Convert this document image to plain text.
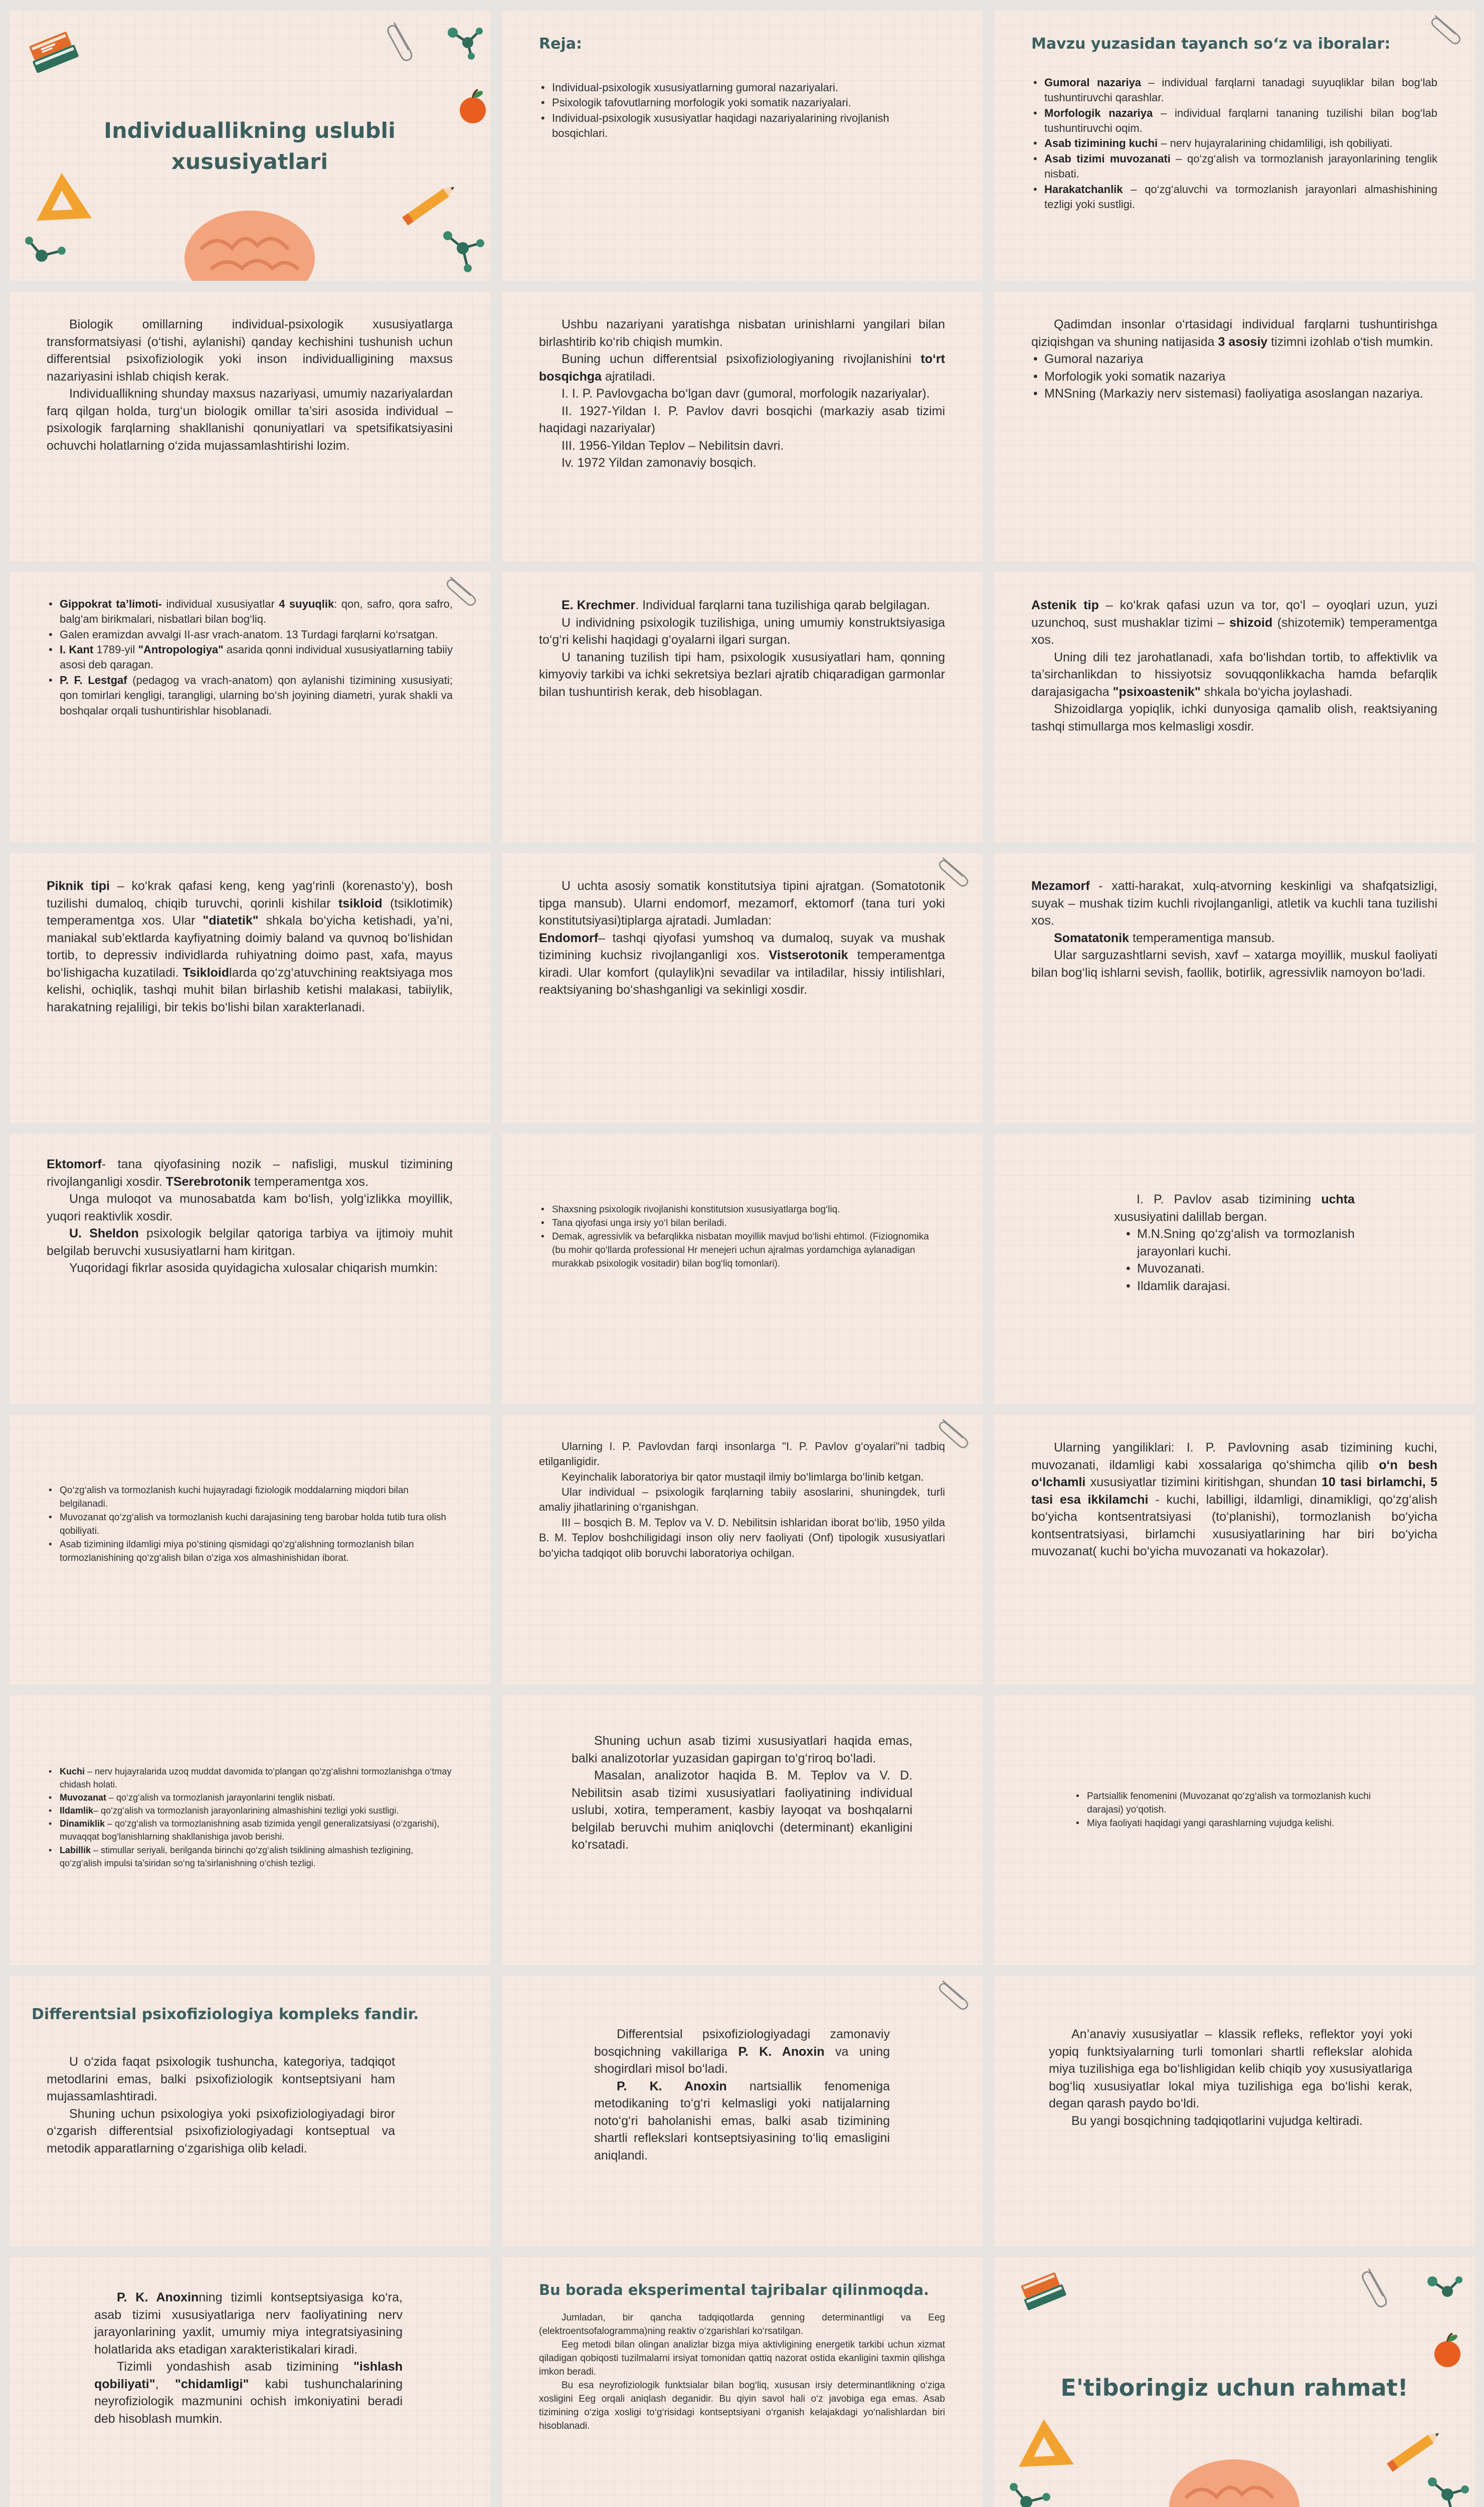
Individuallikning uslubli xususiyatlari
Reja:
• Individual-psixologik xususiyatlarning gumoral nazariyalari.
• Psixologik tafovutlarning morfologik yoki somatik nazariyalari.
• Individual-psixologik xususiyatlar haqidagi nazariyalarining rivojlanish bosqichlari.
Mavzu yuzasidan tayanch so‘z va iboralar:
• Gumoral nazariya – individual farqlarni tanadagi suyuqliklar bilan bog‘lab tushuntiruvchi qarashlar.
• Morfologik nazariya – individual farqlarni tananing tuzilishi bilan bog‘lab tushuntiruvchi oqim.
• Asab tizimining kuchi – nerv hujayralarining chidamliligi, ish qobiliyati.
• Asab tizimi muvozanati – qo‘zg‘alish va tormozlanish jarayonlarining tenglik nisbati.
• Harakatchanlik – qo‘zg‘aluvchi va tormozlanish jarayonlari almashishining tezligi yoki sustligi.

Biologik omillarning individual-psixologik xususiyatlarga transformatsiyasi (o‘tishi, aylanishi) qanday kechishini tushunish uchun differentsial psixofiziologik yoki inson individualligining maxsus nazariyasini ishlab chiqish kerak.

Individuallikning shunday maxsus nazariyasi, umumiy nazariyalardan farq qilgan holda, turg‘un biologik omillar ta’siri asosida individual – psixologik farqlarning shakllanishi qonuniyatlari va spetsifikatsiyasini ochuvchi holatlarning o‘zida mujassamlashtirishi lozim.

Ushbu nazariyani yaratishga nisbatan urinishlarni yangilari bilan birlashtirib ko‘rib chiqish mumkin.

Buning uchun differentsial psixofiziologiyaning rivojlanishini to‘rt bosqichga ajratiladi.

I. I. P. Pavlovgacha bo‘lgan davr (gumoral, morfologik nazariyalar).

II. 1927-Yildan I. P. Pavlov davri bosqichi (markaziy asab tizimi haqidagi nazariyalar)

III. 1956-Yildan Teplov – Nebilitsin davri.

Iv. 1972 Yildan zamonaviy bosqich.

Qadimdan insonlar o‘rtasidagi individual farqlarni tushuntirishga qiziqishgan va shuning natijasida 3 asosiy tizimni izohlab o‘tish mumkin.

• Gumoral nazariya
• Morfologik yoki somatik nazariya
• MNSning (Markaziy nerv sistemasi) faoliyatiga asoslangan nazariya.
• Gippokrat ta’limoti- individual xususiyatlar 4 suyuqlik: qon, safro, qora safro, balg‘am birikmalari, nisbatlari bilan bog‘liq.
• Galen eramizdan avvalgi II-asr vrach-anatom. 13 Turdagi farqlarni ko‘rsatgan.
• I. Kant 1789-yil "Antropologiya" asarida qonni individual xususiyatlarning tabiiy asosi deb qaragan.
• P. F. Lestgaf (pedagog va vrach-anatom) qon aylanishi tizimining xususiyati; qon tomirlari kengligi, tarangligi, ularning bo‘sh joyining diametri, yurak shakli va boshqalar orqali tushuntirishlar hisoblanadi.

E. Krechmer. Individual farqlarni tana tuzilishiga qarab belgilagan.

U individning psixologik tuzilishiga, uning umumiy konstruktsiyasiga to‘g‘ri kelishi haqidagi g‘oyalarni ilgari surgan.

U tananing tuzilish tipi ham, psixologik xususiyatlari ham, qonning kimyoviy tarkibi va ichki sekretsiya bezlari ajratib chiqaradigan garmonlar bilan tushuntirish kerak, deb hisoblagan.

Astenik tip – ko‘krak qafasi uzun va tor, qo‘l – oyoqlari uzun, yuzi uzunchoq, sust mushaklar tizimi – shizoid (shizotemik) temperamentga xos.

Uning dili tez jarohatlanadi, xafa bo‘lishdan tortib, to affektivlik va ta’sirchanlikdan to hissiyotsiz sovuqqonlikkacha hamda befarqlik darajasigacha "psixoastenik" shkala bo‘yicha joylashadi.

Shizoidlarga yopiqlik, ichki dunyosiga qamalib olish, reaktsiyaning tashqi stimullarga mos kelmasligi xosdir.

Piknik tipi – ko‘krak qafasi keng, keng yag‘rinli (korenasto‘y), bosh tuzilishi dumaloq, chiqib turuvchi, qorinli kishilar tsikloid (tsiklotimik) temperamentga xos. Ular "diatetik" shkala bo‘yicha ketishadi, ya’ni, maniakal sub’ektlarda kayfiyatning doimiy baland va quvnoq bo‘lishidan tortib, to depressiv individlarda ruhiyatning doimo past, xafa, mayus bo‘lishigacha kuzatiladi. Tsikloidlarda qo‘zg‘atuvchining reaktsiyaga mos kelishi, ochiqlik, tashqi muhit bilan birlashib ketishi malakasi, tabiiylik, harakatning rejaliligi, bir tekis bo‘lishi bilan xarakterlanadi.

U uchta asosiy somatik konstitutsiya tipini ajratgan. (Somatotonik tipga mansub). Ularni endomorf, mezamorf, ektomorf (tana turi yoki konstitutsiyasi)tiplarga ajratadi. Jumladan:

Endomorf– tashqi qiyofasi yumshoq va dumaloq, suyak va mushak tizimining kuchsiz rivojlanganligi xos. Vistserotonik temperamentga kiradi. Ular komfort (qulaylik)ni sevadilar va intiladilar, hissiy intilishlari, reaktsiyaning bo‘shashganligi va sekinligi xosdir.

Mezamorf - xatti-harakat, xulq-atvorning keskinligi va shafqatsizligi, suyak – mushak tizim kuchli rivojlanganligi, atletik va kuchli tana tuzilishi xos.

Somatatonik temperamentiga mansub.

Ular sarguzashtlarni sevish, xavf – xatarga moyillik, muskul faoliyati bilan bog‘liq ishlarni sevish, faollik, botirlik, agressivlik namoyon bo‘ladi.

Ektomorf- tana qiyofasining nozik – nafisligi, muskul tizimining rivojlanganligi xosdir. TSerebrotonik temperamentga xos.

Unga muloqot va munosabatda kam bo‘lish, yolg‘izlikka moyillik, yuqori reaktivlik xosdir.

U. Sheldon psixologik belgilar qatoriga tarbiya va ijtimoiy muhit belgilab beruvchi xususiyatlarni ham kiritgan.

Yuqoridagi fikrlar asosida quyidagicha xulosalar chiqarish mumkin:

• Shaxsning psixologik rivojlanishi konstitutsion xususiyatlarga bog‘liq.
• Tana qiyofasi unga irsiy yo‘l bilan beriladi.
• Demak, agressivlik va befarqlikka nisbatan moyillik mavjud bo‘lishi ehtimol. (Fiziognomika (bu mohir qo‘llarda professional Hr menejeri uchun ajralmas yordamchiga aylanadigan murakkab psixologik vositadir) bilan bog‘liq tomonlari).

I. P. Pavlov asab tizimining uchta xususiyatini dalillab bergan.

• M.N.Sning qo‘zg‘alish va tormozlanish jarayonlari kuchi.
• Muvozanati.
• Ildamlik darajasi.
• Qo‘zg‘alish va tormozlanish kuchi hujayradagi fiziologik moddalarning miqdori bilan belgilanadi.
• Muvozanat qo‘zg‘alish va tormozlanish kuchi darajasining teng barobar holda tutib tura olish qobiliyati.
• Asab tizimining ildamligi miya po‘stining qismidagi qo‘zg‘alishning tormozlanish bilan tormozlanishining qo‘zg‘alish bilan o‘ziga xos almashinishidan iborat.

Ularning I. P. Pavlovdan farqi insonlarga "I. P. Pavlov g‘oyalari"ni tadbiq etilganligidir.

Keyinchalik laboratoriya bir qator mustaqil ilmiy bo‘limlarga bo‘linib ketgan.

Ular individual – psixologik farqlarning tabiiy asoslarini, shuningdek, turli amaliy jihatlarining o‘rganishgan.

III – bosqich B. M. Teplov va V. D. Nebilitsin ishlaridan iborat bo‘lib, 1950 yilda B. M. Teplov boshchiligidagi inson oliy nerv faoliyati (Onf) tipologik xususiyatlari bo‘yicha tadqiqot olib boruvchi laboratoriya ochilgan.

Ularning yangiliklari: I. P. Pavlovning asab tizimining kuchi, muvozanati, ildamligi kabi xossalariga qo‘shimcha qilib o‘n besh o‘lchamli xususiyatlar tizimini kiritishgan, shundan 10 tasi birlamchi, 5 tasi esa ikkilamchi - kuchi, labilligi, ildamligi, dinamikligi, qo‘zg‘alish bo‘yicha kontsentratsiyasi (to‘planishi), tormozlanish bo‘yicha kontsentratsiyasi, birlamchi xususiyatlarining har biri bo‘yicha muvozanat( kuchi bo‘yicha muvozanati va hokazolar).

• Kuchi – nerv hujayralarida uzoq muddat davomida to‘plangan qo‘zg‘alishni tormozlanishga o‘tmay chidash holati.
• Muvozanat – qo‘zg‘alish va tormozlanish jarayonlarini tenglik nisbati.
• Ildamlik– qo‘zg‘alish va tormozlanish jarayonlarining almashishini tezligi yoki sustligi.
• Dinamiklik – qo‘zg‘alish va tormozlanishning asab tizimida yengil generalizatsiyasi (o‘zgarishi), muvaqqat bog‘lanishlarning shakllanishiga javob berishi.
• Labillik – stimullar seriyali, berilganda birinchi qo‘zg‘alish tsiklining almashish tezligining, qo‘zg‘alish impulsi ta’siridan so‘ng ta’sirlanishning o‘chish tezligi.

Shuning uchun asab tizimi xususiyatlari haqida emas, balki analizotorlar yuzasidan gapirgan to‘g‘riroq bo‘ladi.

Masalan, analizotor haqida B. M. Teplov va V. D. Nebilitsin asab tizimi xususiyatlari faoliyatining individual uslubi, xotira, temperament, kasbiy layoqat va boshqalarni belgilab beruvchi muhim aniqlovchi (determinant) ekanligini ko‘rsatadi.

• Partsiallik fenomenini (Muvozanat qo‘zg‘alish va tormozlanish kuchi darajasi) yo‘qotish.
• Miya faoliyati haqidagi yangi qarashlarning vujudga kelishi.
Differentsial psixofiziologiya kompleks fandir.

U o‘zida faqat psixologik tushuncha, kategoriya, tadqiqot metodlarini emas, balki psixofiziologik kontseptsiyani ham mujassamlashtiradi.

Shuning uchun psixologiya yoki psixofiziologiyadagi biror o‘zgarish differentsial psixofiziologiyadagi kontseptual va metodik apparatlarning o‘zgarishiga olib keladi.

Differentsial psixofiziologiyadagi zamonaviy bosqichning vakillariga P. K. Anoxin va uning shogirdlari misol bo‘ladi.

P. K. Anoxin nartsiallik fenomeniga metodikaning to‘g‘ri kelmasligi yoki natijalarning noto‘g‘ri baholanishi emas, balki asab tizimining shartli reflekslari kontseptsiyasining to‘liq emasligini aniqlandi.

An’anaviy xususiyatlar – klassik refleks, reflektor yoyi yoki yopiq funktsiyalarning turli tomonlari shartli reflekslar alohida miya tuzilishiga ega bo‘lishligidan kelib chiqib yoy xususiyatlariga bog‘liq xususiyatlar lokal miya tuzilishiga ega bo‘lishi kerak, degan qarash paydo bo‘ldi.

Bu yangi bosqichning tadqiqotlarini vujudga keltiradi.

P. K. Anoxinning tizimli kontseptsiyasiga ko‘ra, asab tizimi xususiyatlariga nerv faoliyatining nerv jarayonlarining yaxlit, umumiy miya integratsiyasining holatlarida aks etadigan xarakteristikalari kiradi.

Tizimli yondashish asab tizimining "ishlash qobiliyati", "chidamligi" kabi tushunchalarining neyrofiziologik mazmunini ochish imkoniyatini beradi deb hisoblash mumkin.

Bu borada eksperimental tajribalar qilinmoqda.

Jumladan, bir qancha tadqiqotlarda genning determinantligi va Eeg (elektroentsofalogramma)ning reaktiv o‘zgarishlari ko‘rsatilgan.

Eeg metodi bilan olingan analizlar bizga miya aktivligining energetik tarkibi uchun xizmat qiladigan qobiqosti tuzilmalarni irsiyat tomonidan qattiq nazorat ostida ekanligini taxmin qilishga imkon beradi.

Bu esa neyrofiziologik funktsialar bilan bog‘liq, xususan irsiy determinantlikning o‘ziga xosligini Eeg orqali aniqlash deganidir. Bu qiyin savol hali o‘z javobiga ega emas. Asab tizimining o‘ziga xosligi to‘g‘risidagi kontseptsiyani o‘rganish kelajakdagi yo‘nalishlardan biri hisoblanadi.

E'tiboringiz uchun rahmat!
